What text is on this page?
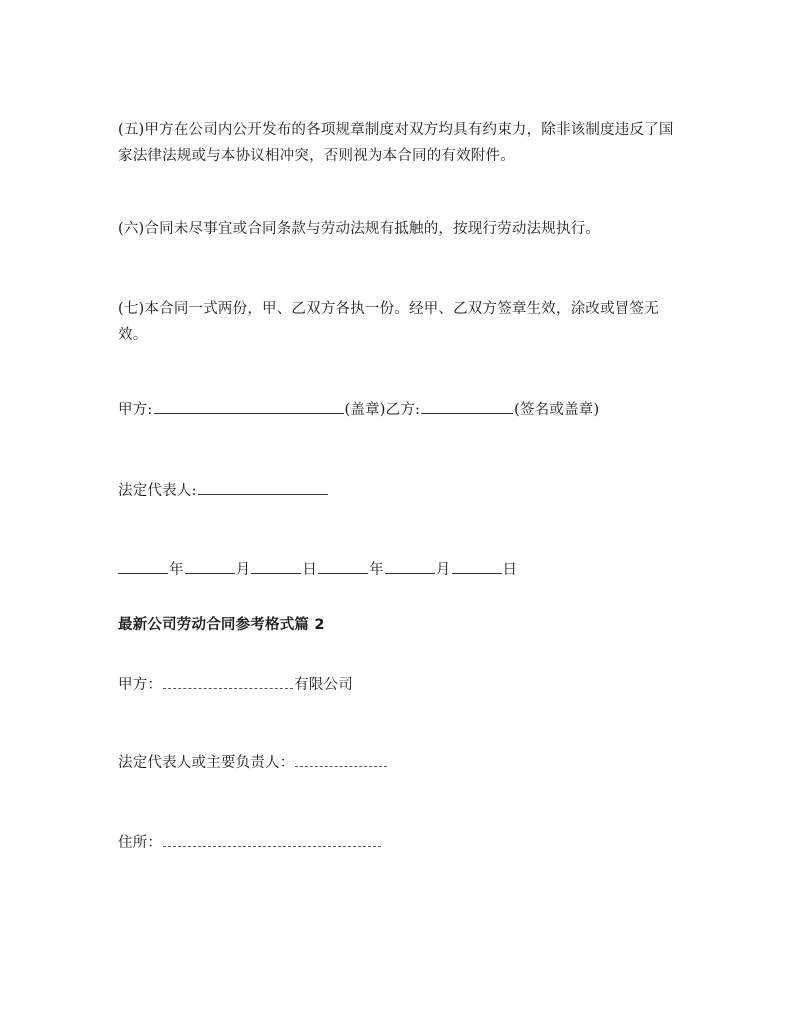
(五)甲方在公司内公开发布的各项规章制度对双方均具有约束力，除非该制度违反了国家法律法规或与本协议相冲突，否则视为本合同的有效附件。
(六)合同未尽事宜或合同条款与劳动法规有抵触的，按现行劳动法规执行。
(七)本合同一式两份，甲、乙双方各执一份。经甲、乙双方签章生效，涂改或冒签无效。
甲方:	(盖章)乙方:	(签名或盖章)
法定代表人:
年	月	日	年	月	日
最新公司劳动合同参考格式篇 2
甲方：	有限公司
法定代表人或主要负责人：
住所：
